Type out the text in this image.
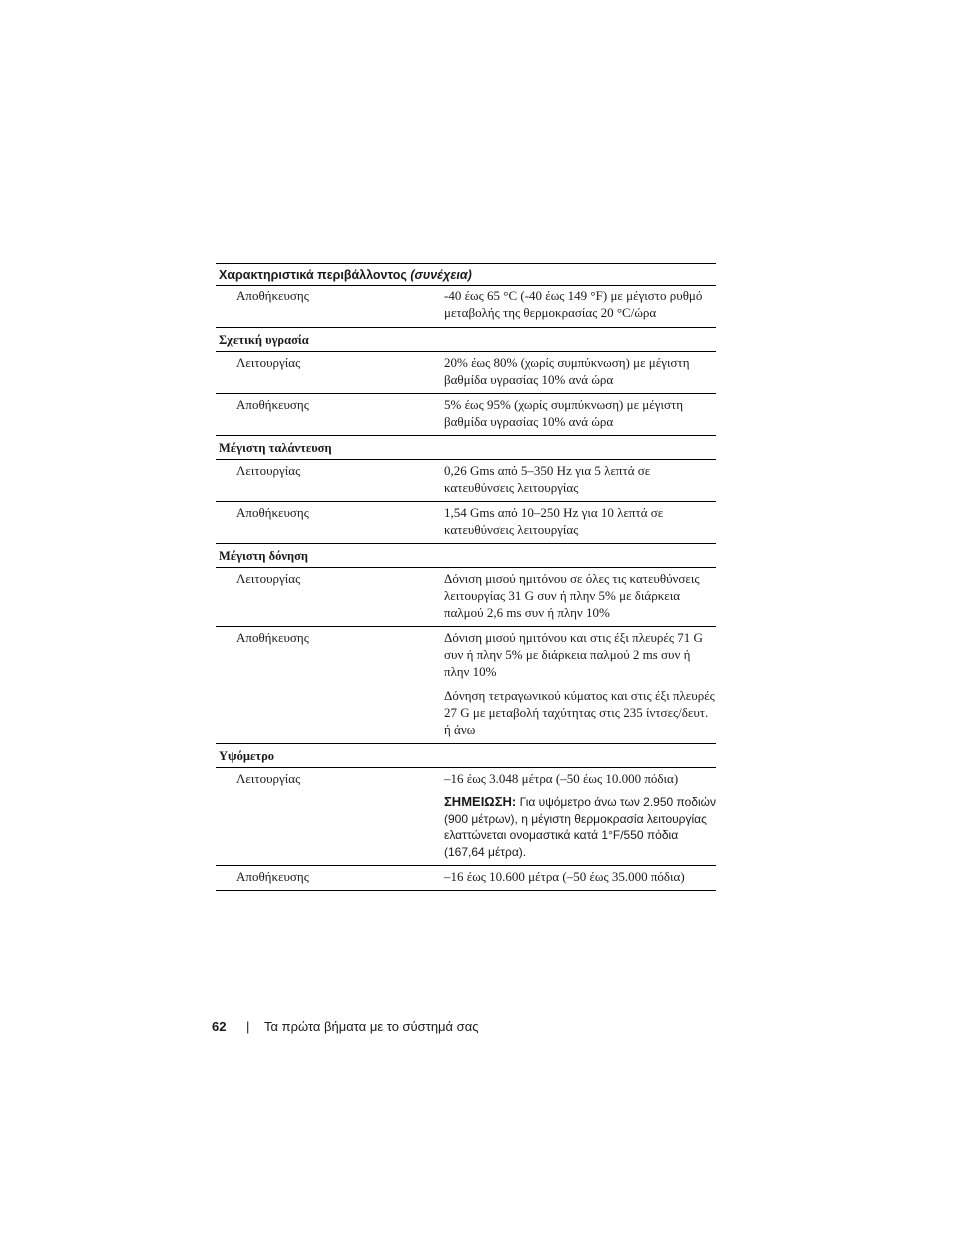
Χαρακτηριστικά περιβάλλοντος (συνέχεια)	
Αποθήκευσης	-40 έως 65 °C (-40 έως 149 °F) με μέγιστο ρυθμό μεταβολής της θερμοκρασίας 20 °C/ώρα
Σχετική υγρασία	
Λειτουργίας	20% έως 80% (χωρίς συμπύκνωση) με μέγιστη βαθμίδα υγρασίας 10% ανά ώρα
Αποθήκευσης	5% έως 95% (χωρίς συμπύκνωση) με μέγιστη βαθμίδα υγρασίας 10% ανά ώρα
Μέγιστη ταλάντευση	
Λειτουργίας	0,26 Gms από 5–350 Hz για 5 λεπτά σε κατευθύνσεις λειτουργίας
Αποθήκευσης	1,54 Gms από 10–250 Hz για 10 λεπτά σε κατευθύνσεις λειτουργίας
Μέγιστη δόνηση	
Λειτουργίας	Δόνιση μισού ημιτόνου σε όλες τις κατευθύνσεις λειτουργίας 31 G συν ή πλην 5% με διάρκεια παλμού 2,6 ms συν ή πλην 10%
Αποθήκευσης	Δόνιση μισού ημιτόνου και στις έξι πλευρές 71 G συν ή πλην 5% με διάρκεια παλμού 2 ms συν ή πλην 10%

Δόνηση τετραγωνικού κύματος και στις έξι πλευρές 27 G με μεταβολή ταχύτητας στις 235 ίντσες/δευτ. ή άνω

Υψόμετρο	
Λειτουργίας	–16 έως 3.048 μέτρα (–50 έως 10.000 πόδια)

ΣΗΜΕΙΩΣΗ: Για υψόμετρο άνω των 2.950 ποδιών (900 μέτρων), η μέγιστη θερμοκρασία λειτουργίας ελαττώνεται ονομαστικά κατά 1°F/550 πόδια (167,64 μέτρα).

Αποθήκευσης	–16 έως 10.600 μέτρα (–50 έως 35.000 πόδια)
62 | Τα πρώτα βήματα με το σύστημά σας
